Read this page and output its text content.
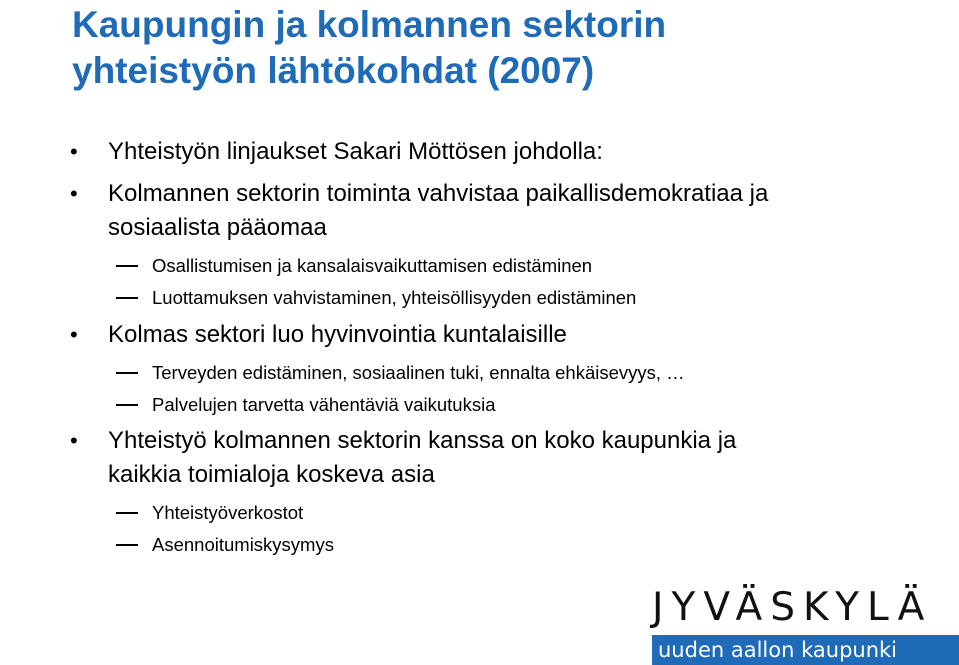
Kaupungin ja kolmannen sektorin
yhteistyön lähtökohdat (2007)
• Yhteistyön linjaukset Sakari Möttösen johdolla:
• Kolmannen sektorin toiminta vahvistaa paikallisdemokratiaa ja
sosiaalista pääomaa
Osallistumisen ja kansalaisvaikuttamisen edistäminen
Luottamuksen vahvistaminen, yhteisöllisyyden edistäminen
• Kolmas sektori luo hyvinvointia kuntalaisille
Terveyden edistäminen, sosiaalinen tuki, ennalta ehkäisevyys, …
Palvelujen tarvetta vähentäviä vaikutuksia
• Yhteistyö kolmannen sektorin kanssa on koko kaupunkia ja
kaikkia toimialoja koskeva asia
Yhteistyöverkostot
Asennoitumiskysymys
JYVÄSKYLÄ
uuden aallon kaupunki
